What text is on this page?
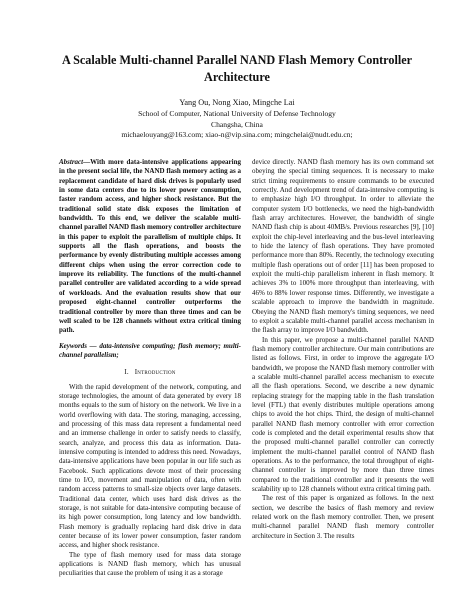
A Scalable Multi-channel Parallel NAND Flash Memory Controller Architecture
Yang Ou, Nong Xiao, Mingche Lai
School of Computer, National University of Defense Technology
Changsha, China
michaelouyang@163.com; xiao-n@vip.sina.com; mingchelai@nudt.edu.cn;

Abstract—With more data-intensive applications appearing in the present social life, the NAND flash memory acting as a replacement candidate of hard disk drives is popularly used in some data centers due to its lower power consumption, faster random access, and higher shock resistance. But the traditional solid state disk exposes the limitation of bandwidth. To this end, we deliver the scalable multi-channel parallel NAND flash memory controller architecture in this paper to exploit the parallelism of multiple chips. It supports all the flash operations, and boosts the performance by evenly distributing multiple accesses among different chips when using the error correction code to improve its reliability. The functions of the multi-channel parallel controller are validated according to a wide spread of workloads. And the evaluation results show that our proposed eight-channel controller outperforms the traditional controller by more than three times and can be well scaled to be 128 channels without extra critical timing path.

Keywords — data-intensive computing; flash memory; multi-channel parallelism;

I. Introduction

With the rapid development of the network, computing, and storage technologies, the amount of data generated by every 18 months equals to the sum of history on the network. We live in a world overflowing with data. The storing, managing, accessing, and processing of this mass data represent a fundamental need and an immense challenge in order to satisfy needs to classify, search, analyze, and process this data as information. Data-intensive computing is intended to address this need. Nowadays, data-intensive applications have been popular in our life such as Facebook. Such applications devote most of their processing time to I/O, movement and manipulation of data, often with random access patterns to small-size objects over large datasets. Traditional data center, which uses hard disk drives as the storage, is not suitable for data-intensive computing because of its high power consumption, long latency and low bandwidth. Flash memory is gradually replacing hard disk drive in data center because of its lower power consumption, faster random access, and higher shock resistance.

The type of flash memory used for mass data storage applications is NAND flash memory, which has unusual peculiarities that cause the problem of using it as a storage

device directly. NAND flash memory has its own command set obeying the special timing sequences. It is necessary to make strict timing requirements to ensure commands to be executed correctly. And development trend of data-intensive computing is to emphasize high I/O throughput. In order to alleviate the computer system I/O bottlenecks, we need the high-bandwidth flash array architectures. However, the bandwidth of single NAND flash chip is about 40MB/s. Previous researches [9], [10] exploit the chip-level interleaving and the bus-level interleaving to hide the latency of flash operations. They have promoted performance more than 80%. Recently, the technology executing multiple flash operations out of order [11] has been proposed to exploit the multi-chip parallelism inherent in flash memory. It achieves 3% to 100% more throughput than interleaving, with 46% to 88% lower response times. Differently, we investigate a scalable approach to improve the bandwidth in magnitude. Obeying the NAND flash memory's timing sequences, we need to exploit a scalable multi-channel parallel access mechanism in the flash array to improve I/O bandwidth.

In this paper, we propose a multi-channel parallel NAND flash memory controller architecture. Our main contributions are listed as follows. First, in order to improve the aggregate I/O bandwidth, we propose the NAND flash memory controller with a scalable multi-channel parallel access mechanism to execute all the flash operations. Second, we describe a new dynamic replacing strategy for the mapping table in the flash translation level (FTL) that evenly distributes multiple operations among chips to avoid the hot chips. Third, the design of multi-channel parallel NAND flash memory controller with error correction code is completed and the detail experimental results show that the proposed multi-channel parallel controller can correctly implement the multi-channel parallel control of NAND flash operations. As to the performance, the total throughput of eight-channel controller is improved by more than three times compared to the traditional controller and it presents the well scalability up to 128 channels without extra critical timing path.

The rest of this paper is organized as follows. In the next section, we describe the basics of flash memory and review related work on the flash memory controller. Then, we present multi-channel parallel NAND flash memory controller architecture in Section 3. The results
